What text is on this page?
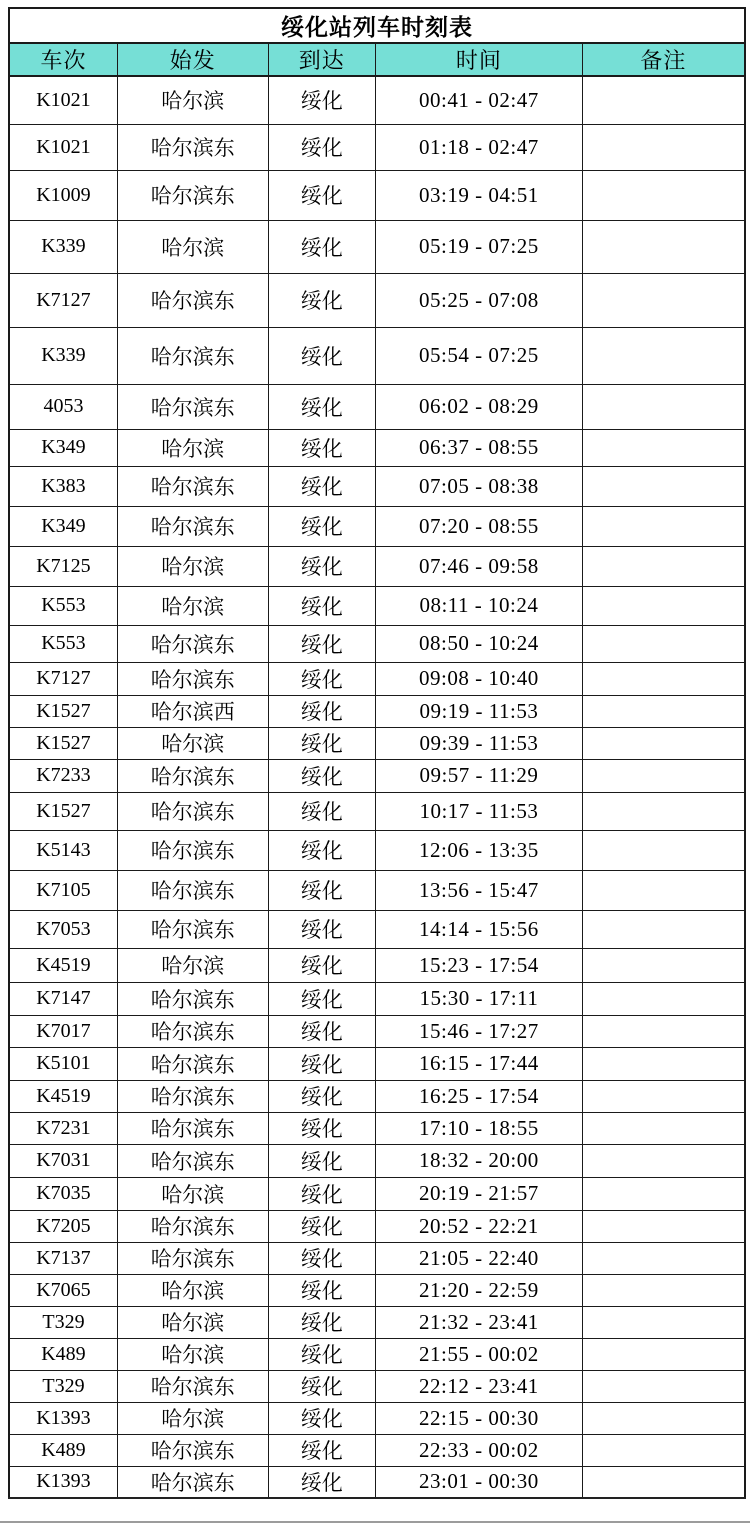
绥化站列车时刻表				
车次	始发	到达	时间	备注
K1021	哈尔滨	绥化	00:41 - 02:47	
K1021	哈尔滨东	绥化	01:18 - 02:47	
K1009	哈尔滨东	绥化	03:19 - 04:51	
K339	哈尔滨	绥化	05:19 - 07:25	
K7127	哈尔滨东	绥化	05:25 - 07:08	
K339	哈尔滨东	绥化	05:54 - 07:25	
4053	哈尔滨东	绥化	06:02 - 08:29	
K349	哈尔滨	绥化	06:37 - 08:55	
K383	哈尔滨东	绥化	07:05 - 08:38	
K349	哈尔滨东	绥化	07:20 - 08:55	
K7125	哈尔滨	绥化	07:46 - 09:58	
K553	哈尔滨	绥化	08:11 - 10:24	
K553	哈尔滨东	绥化	08:50 - 10:24	
K7127	哈尔滨东	绥化	09:08 - 10:40	
K1527	哈尔滨西	绥化	09:19 - 11:53	
K1527	哈尔滨	绥化	09:39 - 11:53	
K7233	哈尔滨东	绥化	09:57 - 11:29	
K1527	哈尔滨东	绥化	10:17 - 11:53	
K5143	哈尔滨东	绥化	12:06 - 13:35	
K7105	哈尔滨东	绥化	13:56 - 15:47	
K7053	哈尔滨东	绥化	14:14 - 15:56	
K4519	哈尔滨	绥化	15:23 - 17:54	
K7147	哈尔滨东	绥化	15:30 - 17:11	
K7017	哈尔滨东	绥化	15:46 - 17:27	
K5101	哈尔滨东	绥化	16:15 - 17:44	
K4519	哈尔滨东	绥化	16:25 - 17:54	
K7231	哈尔滨东	绥化	17:10 - 18:55	
K7031	哈尔滨东	绥化	18:32 - 20:00	
K7035	哈尔滨	绥化	20:19 - 21:57	
K7205	哈尔滨东	绥化	20:52 - 22:21	
K7137	哈尔滨东	绥化	21:05 - 22:40	
K7065	哈尔滨	绥化	21:20 - 22:59	
T329	哈尔滨	绥化	21:32 - 23:41	
K489	哈尔滨	绥化	21:55 - 00:02	
T329	哈尔滨东	绥化	22:12 - 23:41	
K1393	哈尔滨	绥化	22:15 - 00:30	
K489	哈尔滨东	绥化	22:33 - 00:02	
K1393	哈尔滨东	绥化	23:01 - 00:30	
